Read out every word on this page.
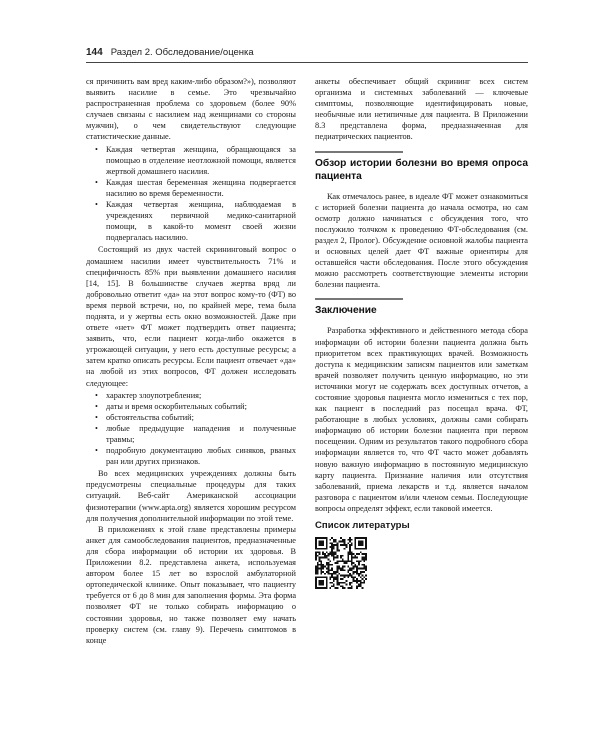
144 Раздел 2. Обследование/оценка

ся причинить вам вред каким-либо образом?»), позволяют выявить насилие в семье. Это чрезвычайно распространенная проблема со здоровьем (более 90% случаев связаны с насилием над женщинами со стороны мужчин), о чем свидетельствуют следующие статистические данные.

• Каждая четвертая женщина, обращающаяся за помощью в отделение неотложной помощи, является жертвой домашнего насилия.
• Каждая шестая беременная женщина подвергается насилию во время беременности.
• Каждая четвертая женщина, наблюдаемая в учреждениях первичной медико-санитарной помощи, в какой-то момент своей жизни подвергалась насилию.

Состоящий из двух частей скрининговый вопрос о домашнем насилии имеет чувствительность 71% и специфичность 85% при выявлении домашнего насилия [14, 15]. В большинстве случаев жертва вряд ли добровольно ответит «да» на этот вопрос кому-то (ФТ) во время первой встречи, но, по крайней мере, тема была поднята, и у жертвы есть окно возможностей. Даже при ответе «нет» ФТ может подтвердить ответ пациента; заявить, что, если пациент когда-либо окажется в угрожающей ситуации, у него есть доступные ресурсы; а затем кратко описать ресурсы. Если пациент отвечает «да» на любой из этих вопросов, ФТ должен исследовать следующее:

• характер злоупотребления;
• даты и время оскорбительных событий;
• обстоятельства событий;
• любые предыдущие нападения и полученные травмы;
• подробную документацию любых синяков, рваных ран или других признаков.

Во всех медицинских учреждениях должны быть предусмотрены специальные процедуры для таких ситуаций. Веб-сайт Американской ассоциации физиотерапии (www.apta.org) является хорошим ресурсом для получения дополнительной информации по этой теме.

В приложениях к этой главе представлены примеры анкет для самообследования пациентов, предназначенные для сбора информации об истории их здоровья. В Приложении 8.2. представлена анкета, используемая автором более 15 лет во взрослой амбулаторной ортопедической клинике. Опыт показывает, что пациенту требуется от 6 до 8 мин для заполнения формы. Эта форма позволяет ФТ не только собирать информацию о состоянии здоровья, но также позволяет ему начать проверку систем (см. главу 9). Перечень симптомов в конце

анкеты обеспечивает общий скрининг всех систем организма и системных заболеваний — ключевые симптомы, позволяющие идентифицировать новые, необычные или нетипичные для пациента. В Приложении 8.3 представлена форма, предназначенная для педиатрических пациентов.

Обзор истории болезни во время опроса пациента

Как отмечалось ранее, в идеале ФТ может ознакомиться с историей болезни пациента до начала осмотра, но сам осмотр должно начинаться с обсуждения того, что послужило толчком к проведению ФТ-обследования (см. раздел 2, Пролог). Обсуждение основной жалобы пациента и основных целей дает ФТ важные ориентиры для оставшейся части обследования. После этого обсуждения можно рассмотреть соответствующие элементы истории болезни пациента.

Заключение

Разработка эффективного и действенного метода сбора информации об истории болезни пациента должна быть приоритетом всех практикующих врачей. Возможность доступа к медицинским записям пациентов или заметкам врачей позволяет получить ценную информацию, но эти источники могут не содержать всех доступных отчетов, а состояние здоровья пациента могло измениться с тех пор, как пациент в последний раз посещал врача. ФТ, работающие в любых условиях, должны сами собирать информацию об истории болезни пациента при первом посещении. Одним из результатов такого подробного сбора информации является то, что ФТ часто может добавлять новую важную информацию в постоянную медицинскую карту пациента. Признание наличия или отсутствия заболеваний, приема лекарств и т.д. является началом разговора с пациентом и/или членом семьи. Последующие вопросы определят эффект, если таковой имеется.

Список литературы
